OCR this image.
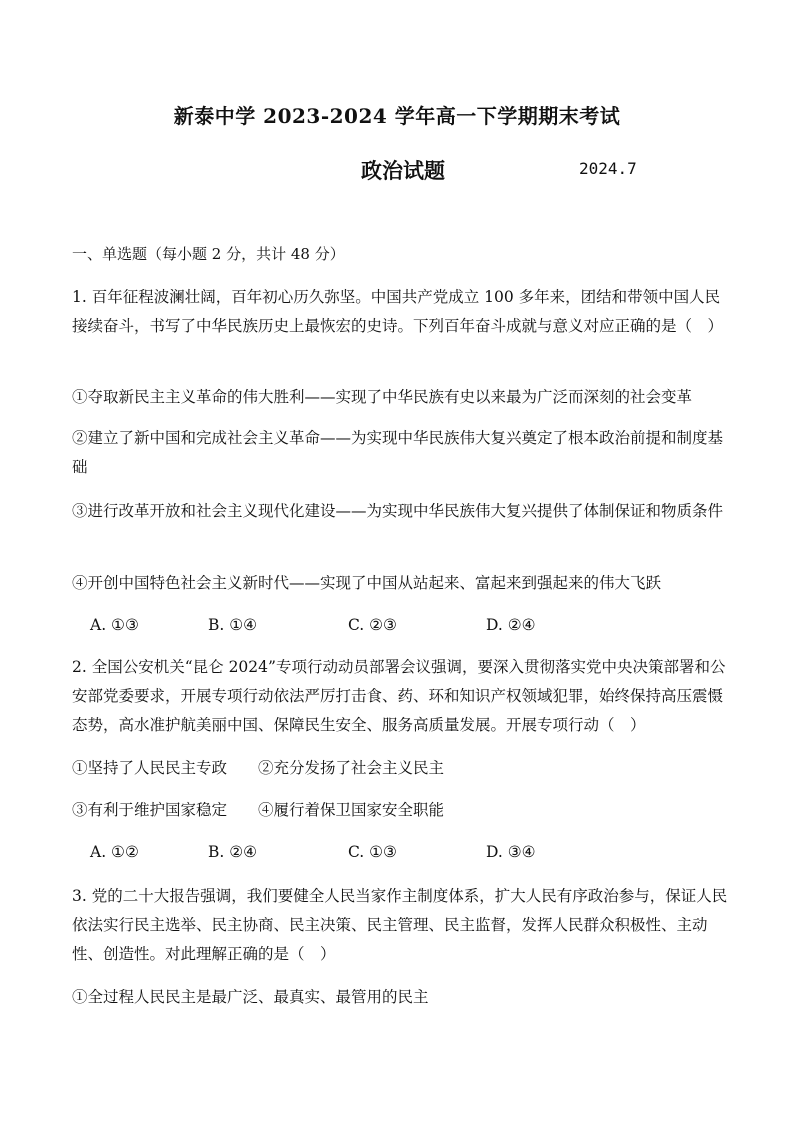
新泰中学 2023-2024 学年高一下学期期末考试
政治试题	2024.7
一、单选题（每小题 2 分，共计 48 分）
1. 百年征程波澜壮阔，百年初心历久弥坚。中国共产党成立 100 多年来，团结和带领中国人民接续奋斗，书写了中华民族历史上最恢宏的史诗。下列百年奋斗成就与意义对应正确的是（　）
①夺取新民主主义革命的伟大胜利——实现了中华民族有史以来最为广泛而深刻的社会变革
②建立了新中国和完成社会主义革命——为实现中华民族伟大复兴奠定了根本政治前提和制度基础
③进行改革开放和社会主义现代化建设——为实现中华民族伟大复兴提供了体制保证和物质条件
④开创中国特色社会主义新时代——实现了中国从站起来、富起来到强起来的伟大飞跃
A. ①③	B. ①④	C. ②③	D. ②④
2. 全国公安机关“昆仑 2024”专项行动动员部署会议强调，要深入贯彻落实党中央决策部署和公安部党委要求，开展专项行动依法严厉打击食、药、环和知识产权领域犯罪，始终保持高压震慑态势，高水准护航美丽中国、保障民生安全、服务高质量发展。开展专项行动（　）
①坚持了人民民主专政　　②充分发扬了社会主义民主
③有利于维护国家稳定　　④履行着保卫国家安全职能
A. ①②	B. ②④	C. ①③	D. ③④
3. 党的二十大报告强调，我们要健全人民当家作主制度体系，扩大人民有序政治参与，保证人民依法实行民主选举、民主协商、民主决策、民主管理、民主监督，发挥人民群众积极性、主动性、创造性。对此理解正确的是（　）
①全过程人民民主是最广泛、最真实、最管用的民主
